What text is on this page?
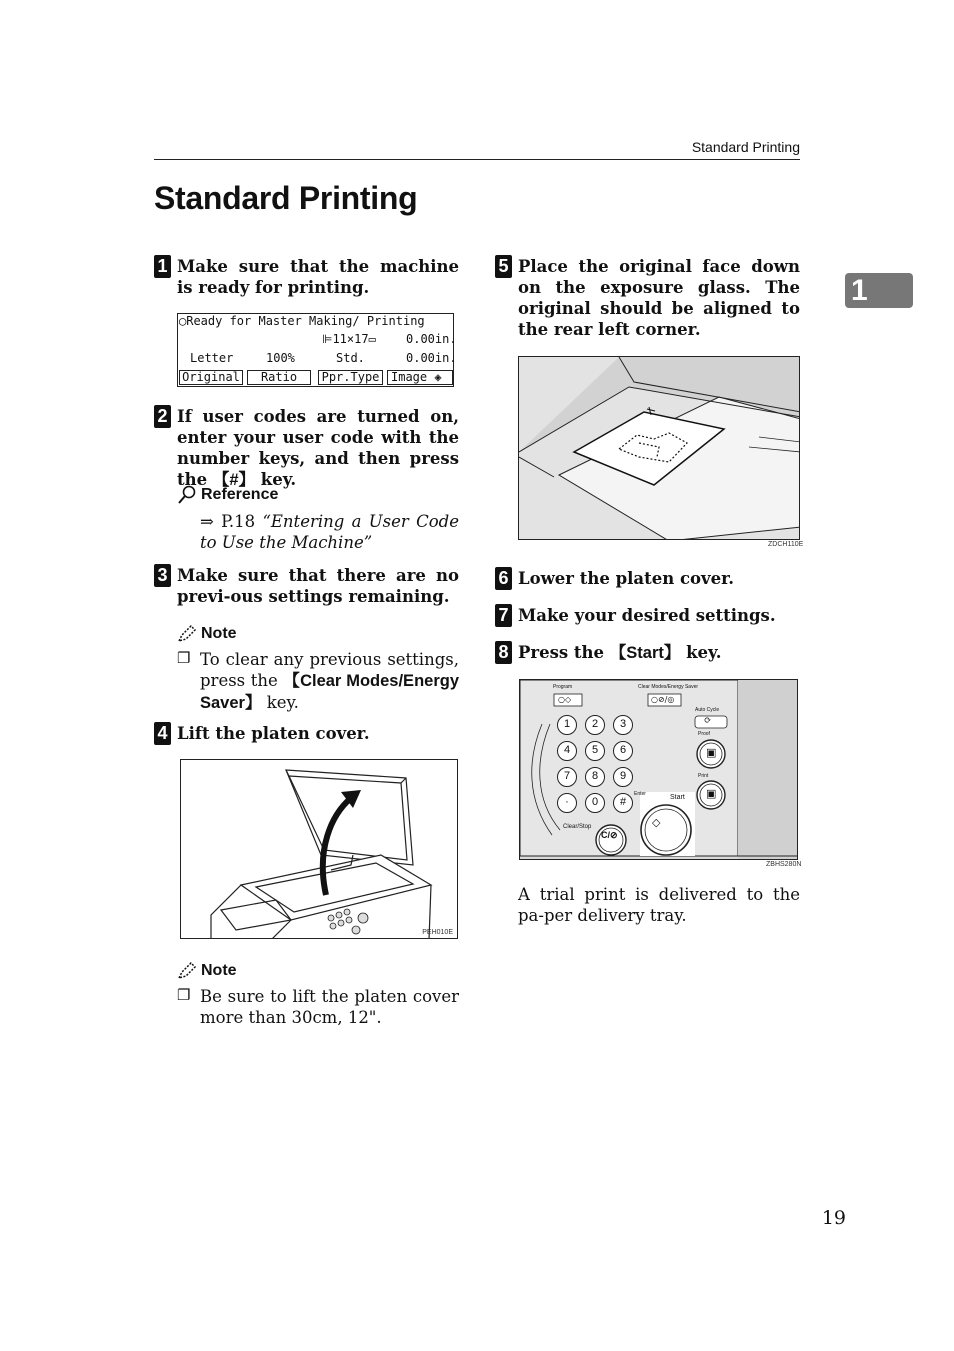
Standard Printing
Standard Printing
1
1 Make sure that the machine is ready for printing.
◯Ready for Master Making/ Printing
⊫11×17▭	0.00in.
Letter	100%	Std.	0.00in.
Original	Ratio	Ppr.Type Image ◈
2 If user codes are turned on, enter your user code with the number keys, and then press the 【#】 key.
Reference
⇒ P.18 “Entering a User Code to Use the Machine”
3 Make sure that there are no previ-ous settings remaining.
Note
❐ To clear any previous settings, press the 【Clear Modes/Energy Saver】 key.
4 Lift the platen cover.
PEH010E
Note
❐ Be sure to lift the platen cover more than 30cm, 12".
5 Place the original face down on the exposure glass. The original should be aligned to the rear left corner.
ZDCH110E
6 Lower the platen cover.
7 Make your desired settings.
8 Press the 【Start】 key.
Program
○◇
Clear Modes/Energy Saver
○⊘/◎
Auto Cycle
⟳
Proof
▣
Print
▣
Enter	Start
◇
Clear/Stop
C/⊘
1	2	3
4	5	6
7	8	9
·	0	#
ZBHS280N
A trial print is delivered to the pa-per delivery tray.
19
